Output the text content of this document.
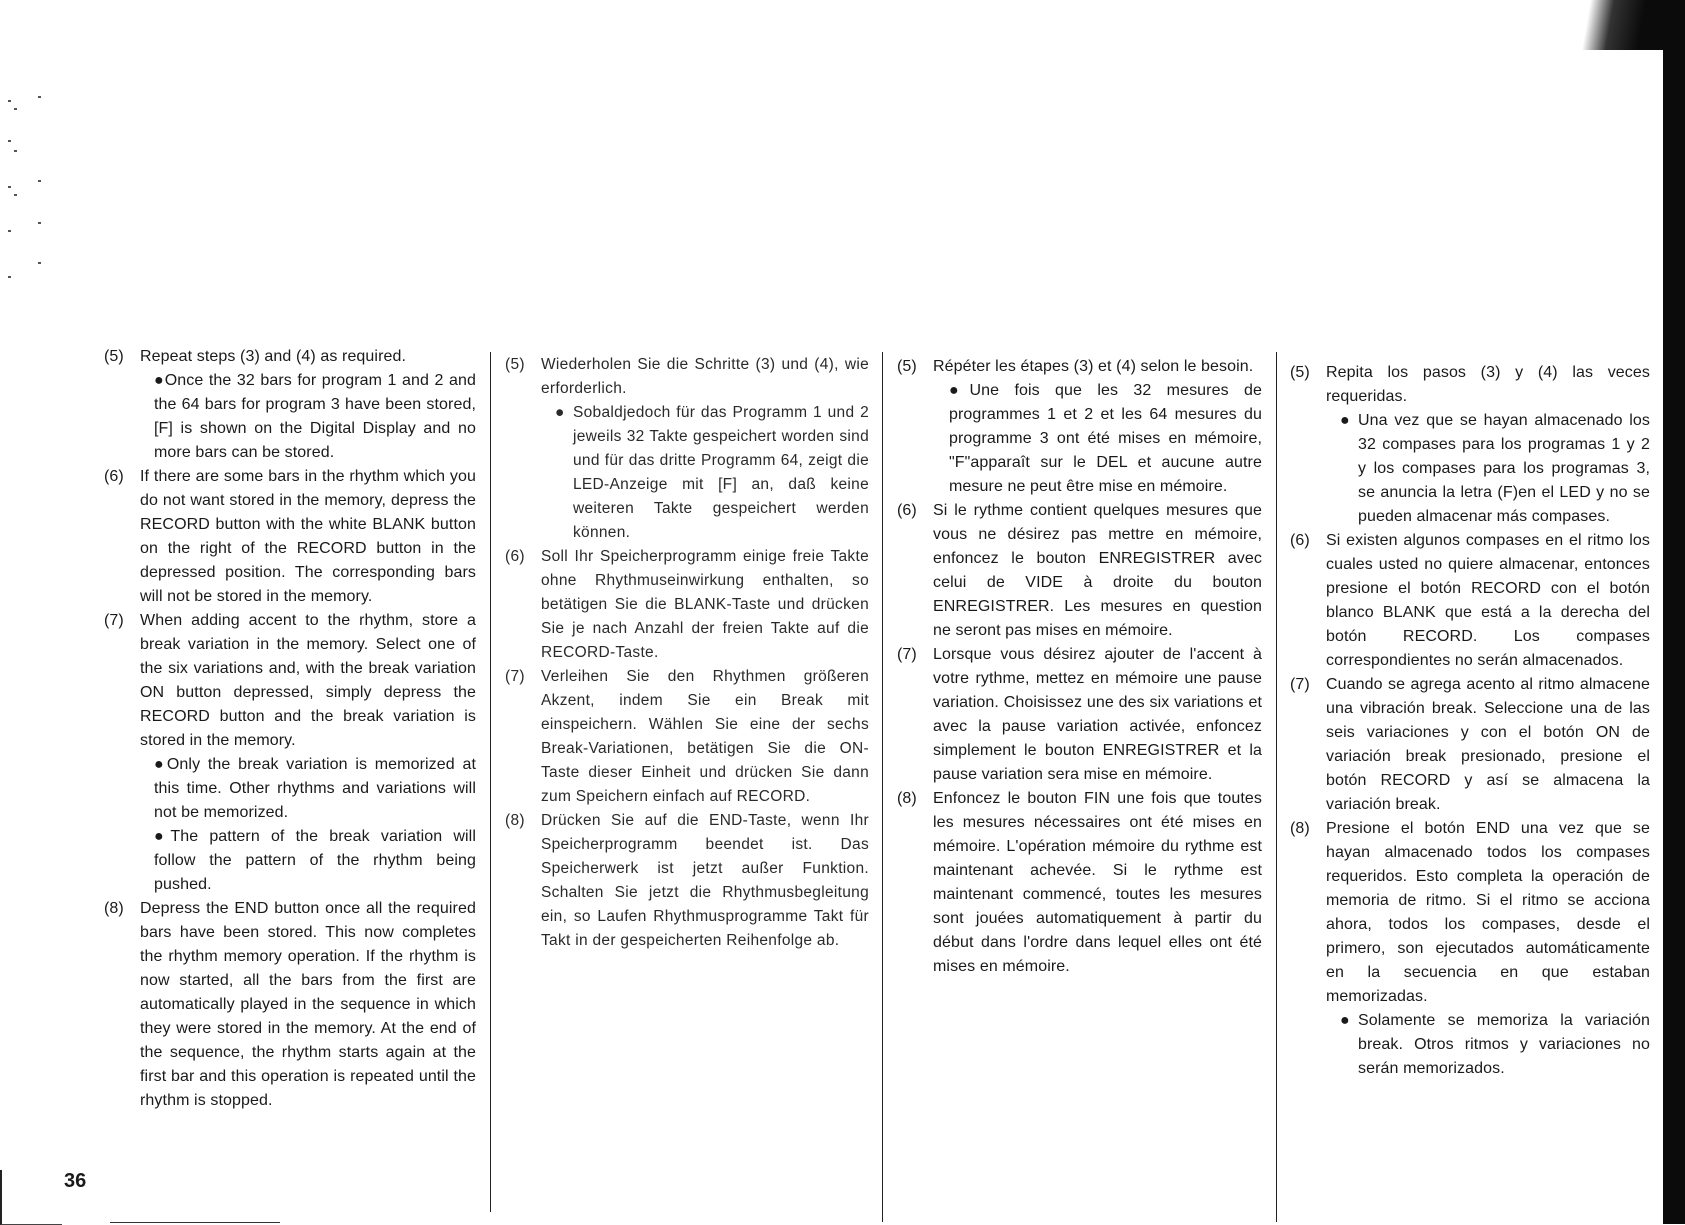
(5) Repeat steps (3) and (4) as required.
●Once the 32 bars for program 1 and 2 and the 64 bars for program 3 have been stored, [F] is shown on the Digital Display and no more bars can be stored.
(6) If there are some bars in the rhythm which you do not want stored in the memory, depress the RECORD button with the white BLANK button on the right of the RECORD button in the depressed position. The corresponding bars will not be stored in the memory.
(7) When adding accent to the rhythm, store a break variation in the memory. Select one of the six variations and, with the break variation ON button depressed, simply depress the RECORD button and the break variation is stored in the memory.
●Only the break variation is memorized at this time. Other rhythms and variations will not be memorized.
●The pattern of the break variation will follow the pattern of the rhythm being pushed.
(8) Depress the END button once all the required bars have been stored. This now completes the rhythm memory operation. If the rhythm is now started, all the bars from the first are automatically played in the sequence in which they were stored in the memory. At the end of the sequence, the rhythm starts again at the first bar and this operation is repeated until the rhythm is stopped.
(5) Wiederholen Sie die Schritte (3) und (4), wie erforderlich.
● Sobaldjedoch für das Programm 1 und 2 jeweils 32 Takte gespeichert worden sind und für das dritte Programm 64, zeigt die LED-Anzeige mit [F] an, daß keine weiteren Takte gespeichert werden können.
(6) Soll Ihr Speicherprogramm einige freie Takte ohne Rhythmuseinwirkung enthalten, so betätigen Sie die BLANK-Taste und drücken Sie je nach Anzahl der freien Takte auf die RECORD-Taste.
(7) Verleihen Sie den Rhythmen größeren Akzent, indem Sie ein Break mit einspeichern. Wählen Sie eine der sechs Break-Variationen, betätigen Sie die ON-Taste dieser Einheit und drücken Sie dann zum Speichern einfach auf RECORD.
(8) Drücken Sie auf die END-Taste, wenn Ihr Speicherprogramm beendet ist. Das Speicherwerk ist jetzt außer Funktion. Schalten Sie jetzt die Rhythmusbegleitung ein, so Laufen Rhythmusprogramme Takt für Takt in der gespeicherten Reihenfolge ab.
(5) Répéter les étapes (3) et (4) selon le besoin.
●Une fois que les 32 mesures de programmes 1 et 2 et les 64 mesures du programme 3 ont été mises en mémoire, "F"apparaît sur le DEL et aucune autre mesure ne peut être mise en mémoire.
(6) Si le rythme contient quelques mesures que vous ne désirez pas mettre en mémoire, enfoncez le bouton ENREGISTRER avec celui de VIDE à droite du bouton ENREGISTRER. Les mesures en question ne seront pas mises en mémoire.
(7) Lorsque vous désirez ajouter de l'accent à votre rythme, mettez en mémoire une pause variation. Choisissez une des six variations et avec la pause variation activée, enfoncez simplement le bouton ENREGISTRER et la pause variation sera mise en mémoire.
(8) Enfoncez le bouton FIN une fois que toutes les mesures nécessaires ont été mises en mémoire. L'opération mémoire du rythme est maintenant achevée. Si le rythme est maintenant commencé, toutes les mesures sont jouées automatiquement à partir du début dans l'ordre dans lequel elles ont été mises en mémoire.
(5) Repita los pasos (3) y (4) las veces requeridas.
● Una vez que se hayan almacenado los 32 compases para los programas 1 y 2 y los compases para los programas 3, se anuncia la letra (F)en el LED y no se pueden almacenar más compases.
(6) Si existen algunos compases en el ritmo los cuales usted no quiere almacenar, entonces presione el botón RECORD con el botón blanco BLANK que está a la derecha del botón RECORD. Los compases correspondientes no serán almacenados.
(7) Cuando se agrega acento al ritmo almacene una vibración break. Seleccione una de las seis variaciones y con el botón ON de variación break presionado, presione el botón RECORD y así se almacena la variación break.
(8) Presione el botón END una vez que se hayan almacenado todos los compases requeridos. Esto completa la operación de memoria de ritmo. Si el ritmo se acciona ahora, todos los compases, desde el primero, son ejecutados automáticamente en la secuencia en que estaban memorizadas.
● Solamente se memoriza la variación break. Otros ritmos y variaciones no serán memorizados.
36
